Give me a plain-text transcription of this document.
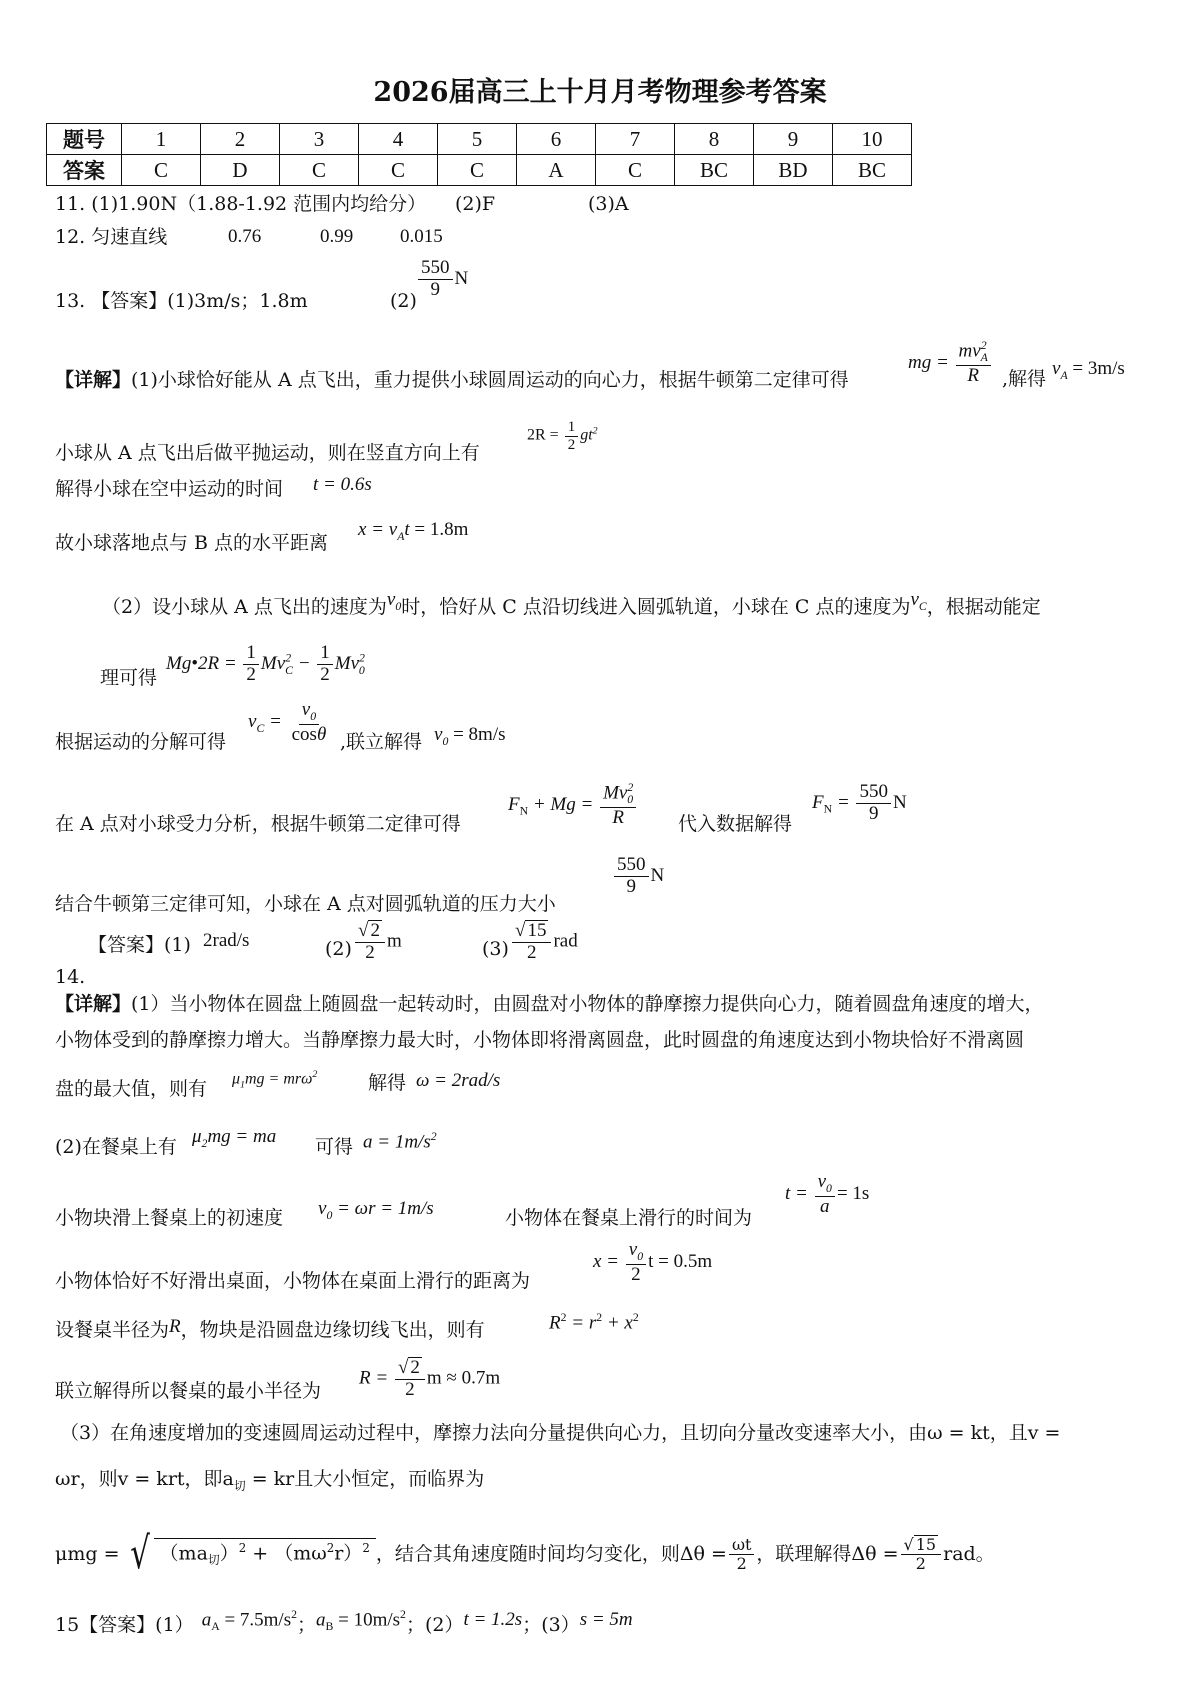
2026届高三上十月月考物理参考答案
题号	1	2	3	4	5	6	7	8	9	10
答案	C	D	C	C	C	A	C	BC	BD	BC
11. (1)1.90N（1.88-1.92 范围内均给分） (2)F	(3)A
12. 匀速直线	0.76	0.99 0.015
13. 【答案】(1)3m/s；1.8m	(2)
$\frac{550}{9}$ N
【详解】(1)小球恰好能从 A 点飞出，重力提供小球圆周运动的向心力，根据牛顿第二定律可得
mg = $\frac{mv^2_A}{R}$ ,解得 $v_A = 3m/s$
小球从 A 点飞出后做平抛运动，则在竖直方向上有
$2R = \frac{1}{2} gt^2$
解得小球在空中运动的时间 t = 0.6s
故小球落地点与 B 点的水平距离
$x = v_At = 1.8m$
（2）设小球从 A 点飞出的速度为$v_0$时，恰好从 C 点沿切线进入圆弧轨道，小球在 C 点的速度为$v_C$，根据动能定
Mg•2R = $\frac{1}{2} Mv^2_C - \frac{1}{2} Mv^2_0$
理可得
$v_C = \frac{v_0}{\cos\theta}$
根据运动的分解可得	,联立解得 $v_0 = 8m/s$
在 A 点对小球受力分析，根据牛顿第二定律可得
$F_N + Mg = \frac{Mv^2_0}{R}$ 代入数据解得
$F_N = \frac{550}{9}$ N
结合牛顿第三定律可知，小球在 A 点对圆弧轨道的压力大小
$\frac{550}{9}$ N
【答案】(1) 2rad/s	$(2) \frac{√ 2}{2}$ m	$(3) \frac{√ 15}{2}$ rad
14.
【详解】(1）当小物体在圆盘上随圆盘一起转动时，由圆盘对小物体的静摩擦力提供向心力，随着圆盘角速度的增大，
小物体受到的静摩擦力增大。当静摩擦力最大时，小物体即将滑离圆盘，此时圆盘的角速度达到小物块恰好不滑离圆
盘的最大值，则有 $\mu_1mg = mr\omega^2$	解得 ω = 2rad/s
(2)在餐桌上有 $\mu_2mg$ = ma 可得 $a = 1m/s^2$
小物块滑上餐桌上的初速度 $v_0 = \omega r = 1m/s$	小物体在餐桌上滑行的时间为
$t = \frac{v_0}{a} = 1s$
小物体恰好不好滑出桌面，小物体在桌面上滑行的距离为
$x = \frac{v_0}{2}$ t = 0.5m
设餐桌半径为R，物块是沿圆盘边缘切线飞出，则有	$R^2 = r^2 + x^2$
联立解得所以餐桌的最小半径为
$R = \frac{√ 2}{2}$ m ≈ 0.7m
（3）在角速度增加的变速圆周运动过程中，摩擦力法向分量提供向心力，且切向分量改变速率大小，由ω = kt，且v =
ωr，则v = krt，即$a_切$ = kr且大小恒定，而临界为
μmg = √ $(ma_切)^2 + (m\omega^2r)^2$ ，结合其角速度随时间均匀变化，则$\Delta\theta = \frac{\omega t}{2}$ ，联理解得$\Delta\theta = \frac{√ 15}{2}$ rad。
15【答案】(1） $a_A = 7.5m/s^2$ ； $a_B = 10m/s^2$ ；(2） t = 1.2s ；(3） s = 5m
